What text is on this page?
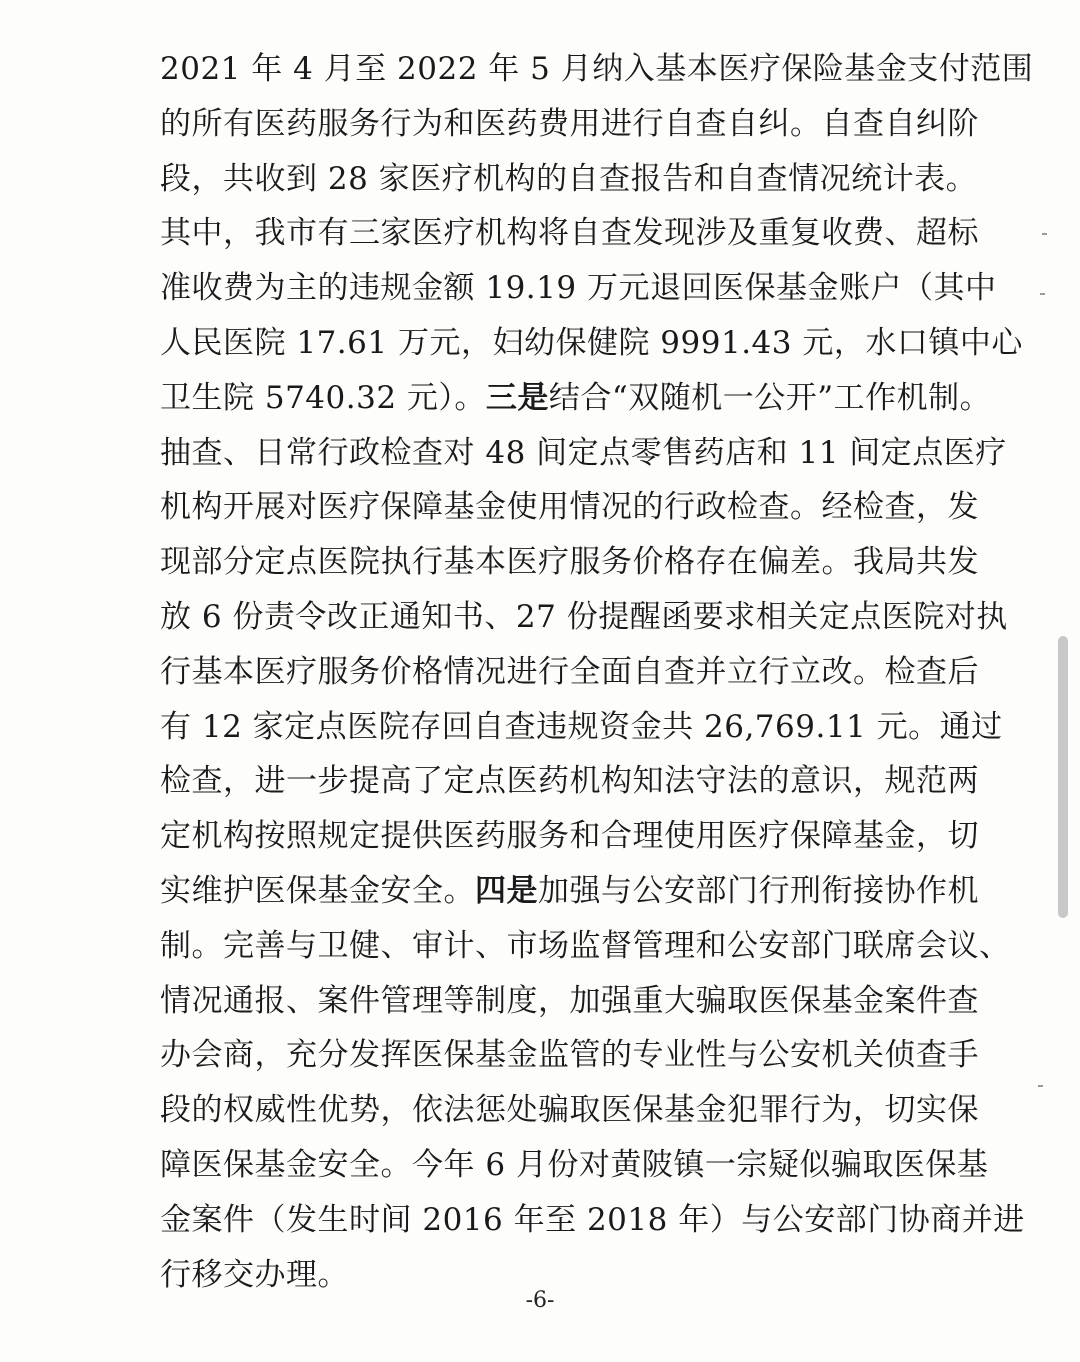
2021 年 4 月至 2022 年 5 月纳入基本医疗保险基金支付范围
的所有医药服务行为和医药费用进行自查自纠。自查自纠阶
段，共收到 28 家医疗机构的自查报告和自查情况统计表。
其中，我市有三家医疗机构将自查发现涉及重复收费、超标
准收费为主的违规金额 19.19 万元退回医保基金账户（其中
人民医院 17.61 万元，妇幼保健院 9991.43 元，水口镇中心
卫生院 5740.32 元）。三是结合“双随机一公开”工作机制。
抽查、日常行政检查对 48 间定点零售药店和 11 间定点医疗
机构开展对医疗保障基金使用情况的行政检查。经检查，发
现部分定点医院执行基本医疗服务价格存在偏差。我局共发
放 6 份责令改正通知书、27 份提醒函要求相关定点医院对执
行基本医疗服务价格情况进行全面自查并立行立改。检查后
有 12 家定点医院存回自查违规资金共 26,769.11 元。通过
检查，进一步提高了定点医药机构知法守法的意识，规范两
定机构按照规定提供医药服务和合理使用医疗保障基金，切
实维护医保基金安全。四是加强与公安部门行刑衔接协作机
制。完善与卫健、审计、市场监督管理和公安部门联席会议、
情况通报、案件管理等制度，加强重大骗取医保基金案件查
办会商，充分发挥医保基金监管的专业性与公安机关侦查手
段的权威性优势，依法惩处骗取医保基金犯罪行为，切实保
障医保基金安全。今年 6 月份对黄陂镇一宗疑似骗取医保基
金案件（发生时间 2016 年至 2018 年）与公安部门协商并进
行移交办理。
-6-
